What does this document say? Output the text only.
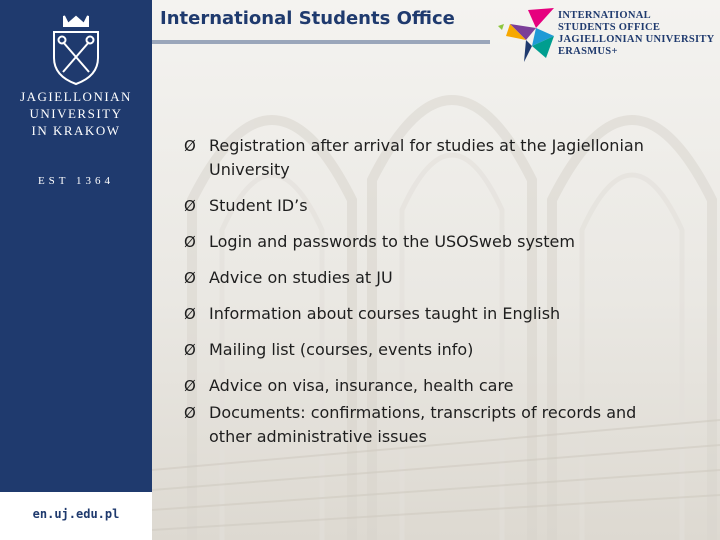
JAGIELLONIAN
UNIVERSITY
IN KRAKOW
EST 1364
en.uj.edu.pl
International Students Office	INTERNATIONAL
STUDENTS OFFICE
JAGIELLONIAN UNIVERSITY
ERASMUS+
Ø Registration after arrival for studies at the Jagiellonian
University
Ø Student ID’s
Ø Login and passwords to the USOSweb system
Ø Advice on studies at JU
Ø Information about courses taught in English
Ø Mailing list (courses, events info)
Ø Advice on visa, insurance, health care
Ø Documents: confirmations, transcripts of records and
other administrative issues
